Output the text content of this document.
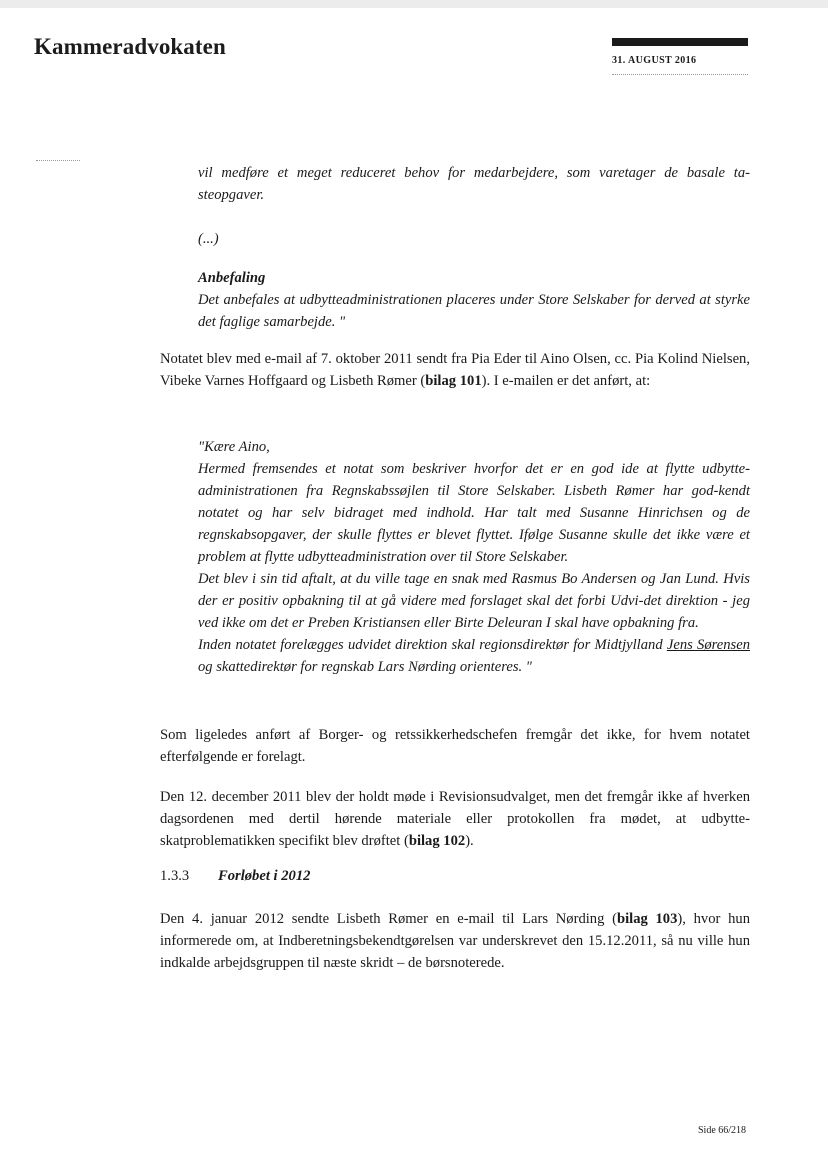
Kammeradvokaten
31. AUGUST 2016

vil medføre et meget reduceret behov for medarbejdere, som varetager de basale ta-

steopgaver.

(...)
Anbefaling
Det anbefales at udbytteadministrationen placeres under Store Selskaber for derved at styrke det faglige samarbejde. "

Notatet blev med e-mail af 7. oktober 2011 sendt fra Pia Eder til Aino Olsen, cc. Pia Kolind Nielsen, Vibeke Varnes Hoffgaard og Lisbeth Rømer (bilag 101). I e-mailen er det anført, at:

"Kære Aino,

Hermed fremsendes et notat som beskriver hvorfor det er en god ide at flytte udbytte-administrationen fra Regnskabssøjlen til Store Selskaber. Lisbeth Rømer har god-kendt notatet og har selv bidraget med indhold. Har talt med Susanne Hinrichsen og de regnskabsopgaver, der skulle flyttes er blevet flyttet. Ifølge Susanne skulle det ikke være et problem at flytte udbytteadministration over til Store Selskaber.

Det blev i sin tid aftalt, at du ville tage en snak med Rasmus Bo Andersen og Jan Lund. Hvis der er positiv opbakning til at gå videre med forslaget skal det forbi Udvi-det direktion - jeg ved ikke om det er Preben Kristiansen eller Birte Deleuran I skal have opbakning fra.

Inden notatet forelægges udvidet direktion skal regionsdirektør for Midtjylland Jens Sørensen og skattedirektør for regnskab Lars Nørding orienteres. "

Som ligeledes anført af Borger- og retssikkerhedschefen fremgår det ikke, for hvem notatet efterfølgende er forelagt.

Den 12. december 2011 blev der holdt møde i Revisionsudvalget, men det fremgår ikke af hverken dagsordenen med dertil hørende materiale eller protokollen fra mødet, at udbytte-skatproblematikken specifikt blev drøftet (bilag 102).

1.3.3 Forløbet i 2012

Den 4. januar 2012 sendte Lisbeth Rømer en e-mail til Lars Nørding (bilag 103), hvor hun informerede om, at Indberetningsbekendtgørelsen var underskrevet den 15.12.2011, så nu ville hun indkalde arbejdsgruppen til næste skridt – de børsnoterede.

Side 66/218
